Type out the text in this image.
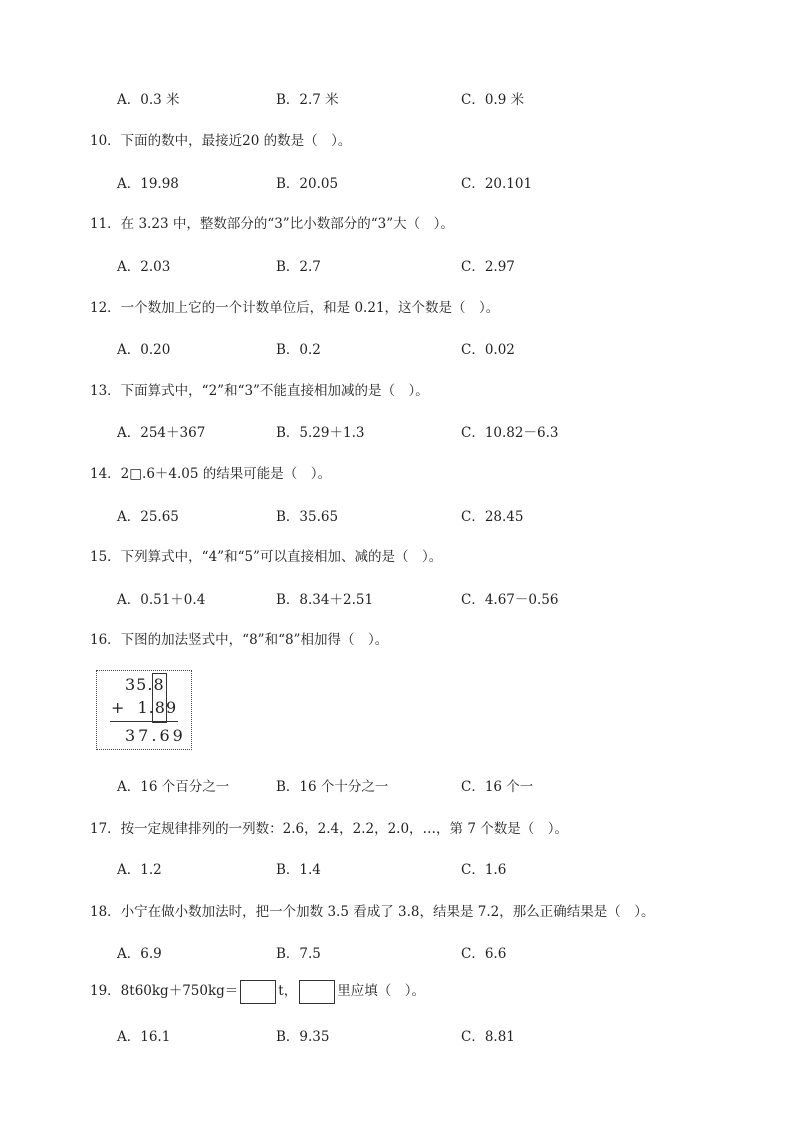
A．0.3 米	B．2.7 米	C．0.9 米
10．下面的数中，最接近20 的数是（　）。
A．19.98	B．20.05	C．20.101
11．在 3.23 中，整数部分的“3”比小数部分的“3”大（　）。
A．2.03	B．2.7	C．2.97
12．一个数加上它的一个计数单位后，和是 0.21，这个数是（　）。
A．0.20	B．0.2	C．0.02
13．下面算式中，“2”和“3”不能直接相加减的是（　）。
A．254＋367	B．5.29＋1.3	C．10.82－6.3
14．2□.6＋4.05 的结果可能是（　）。
A．25.65	B．35.65	C．28.45
15．下列算式中，“4”和“5”可以直接相加、减的是（　）。
A．0.51＋0.4	B．8.34＋2.51	C．4.67－0.56
16．下图的加法竖式中，“8”和“8”相加得（　）。
35.8
+ 1.89
37.69
A．16 个百分之一	B．16 个十分之一	C．16 个一
17．按一定规律排列的一列数：2.6，2.4，2.2，2.0，…，第 7 个数是（　）。
A．1.2	B．1.4	C．1.6
18．小宁在做小数加法时，把一个加数 3.5 看成了 3.8，结果是 7.2，那么正确结果是（　）。
A．6.9	B．7.5	C．6.6
19．8t60kg＋750kg＝	t，	里应填（　）。
A．16.1	B．9.35	C．8.81
